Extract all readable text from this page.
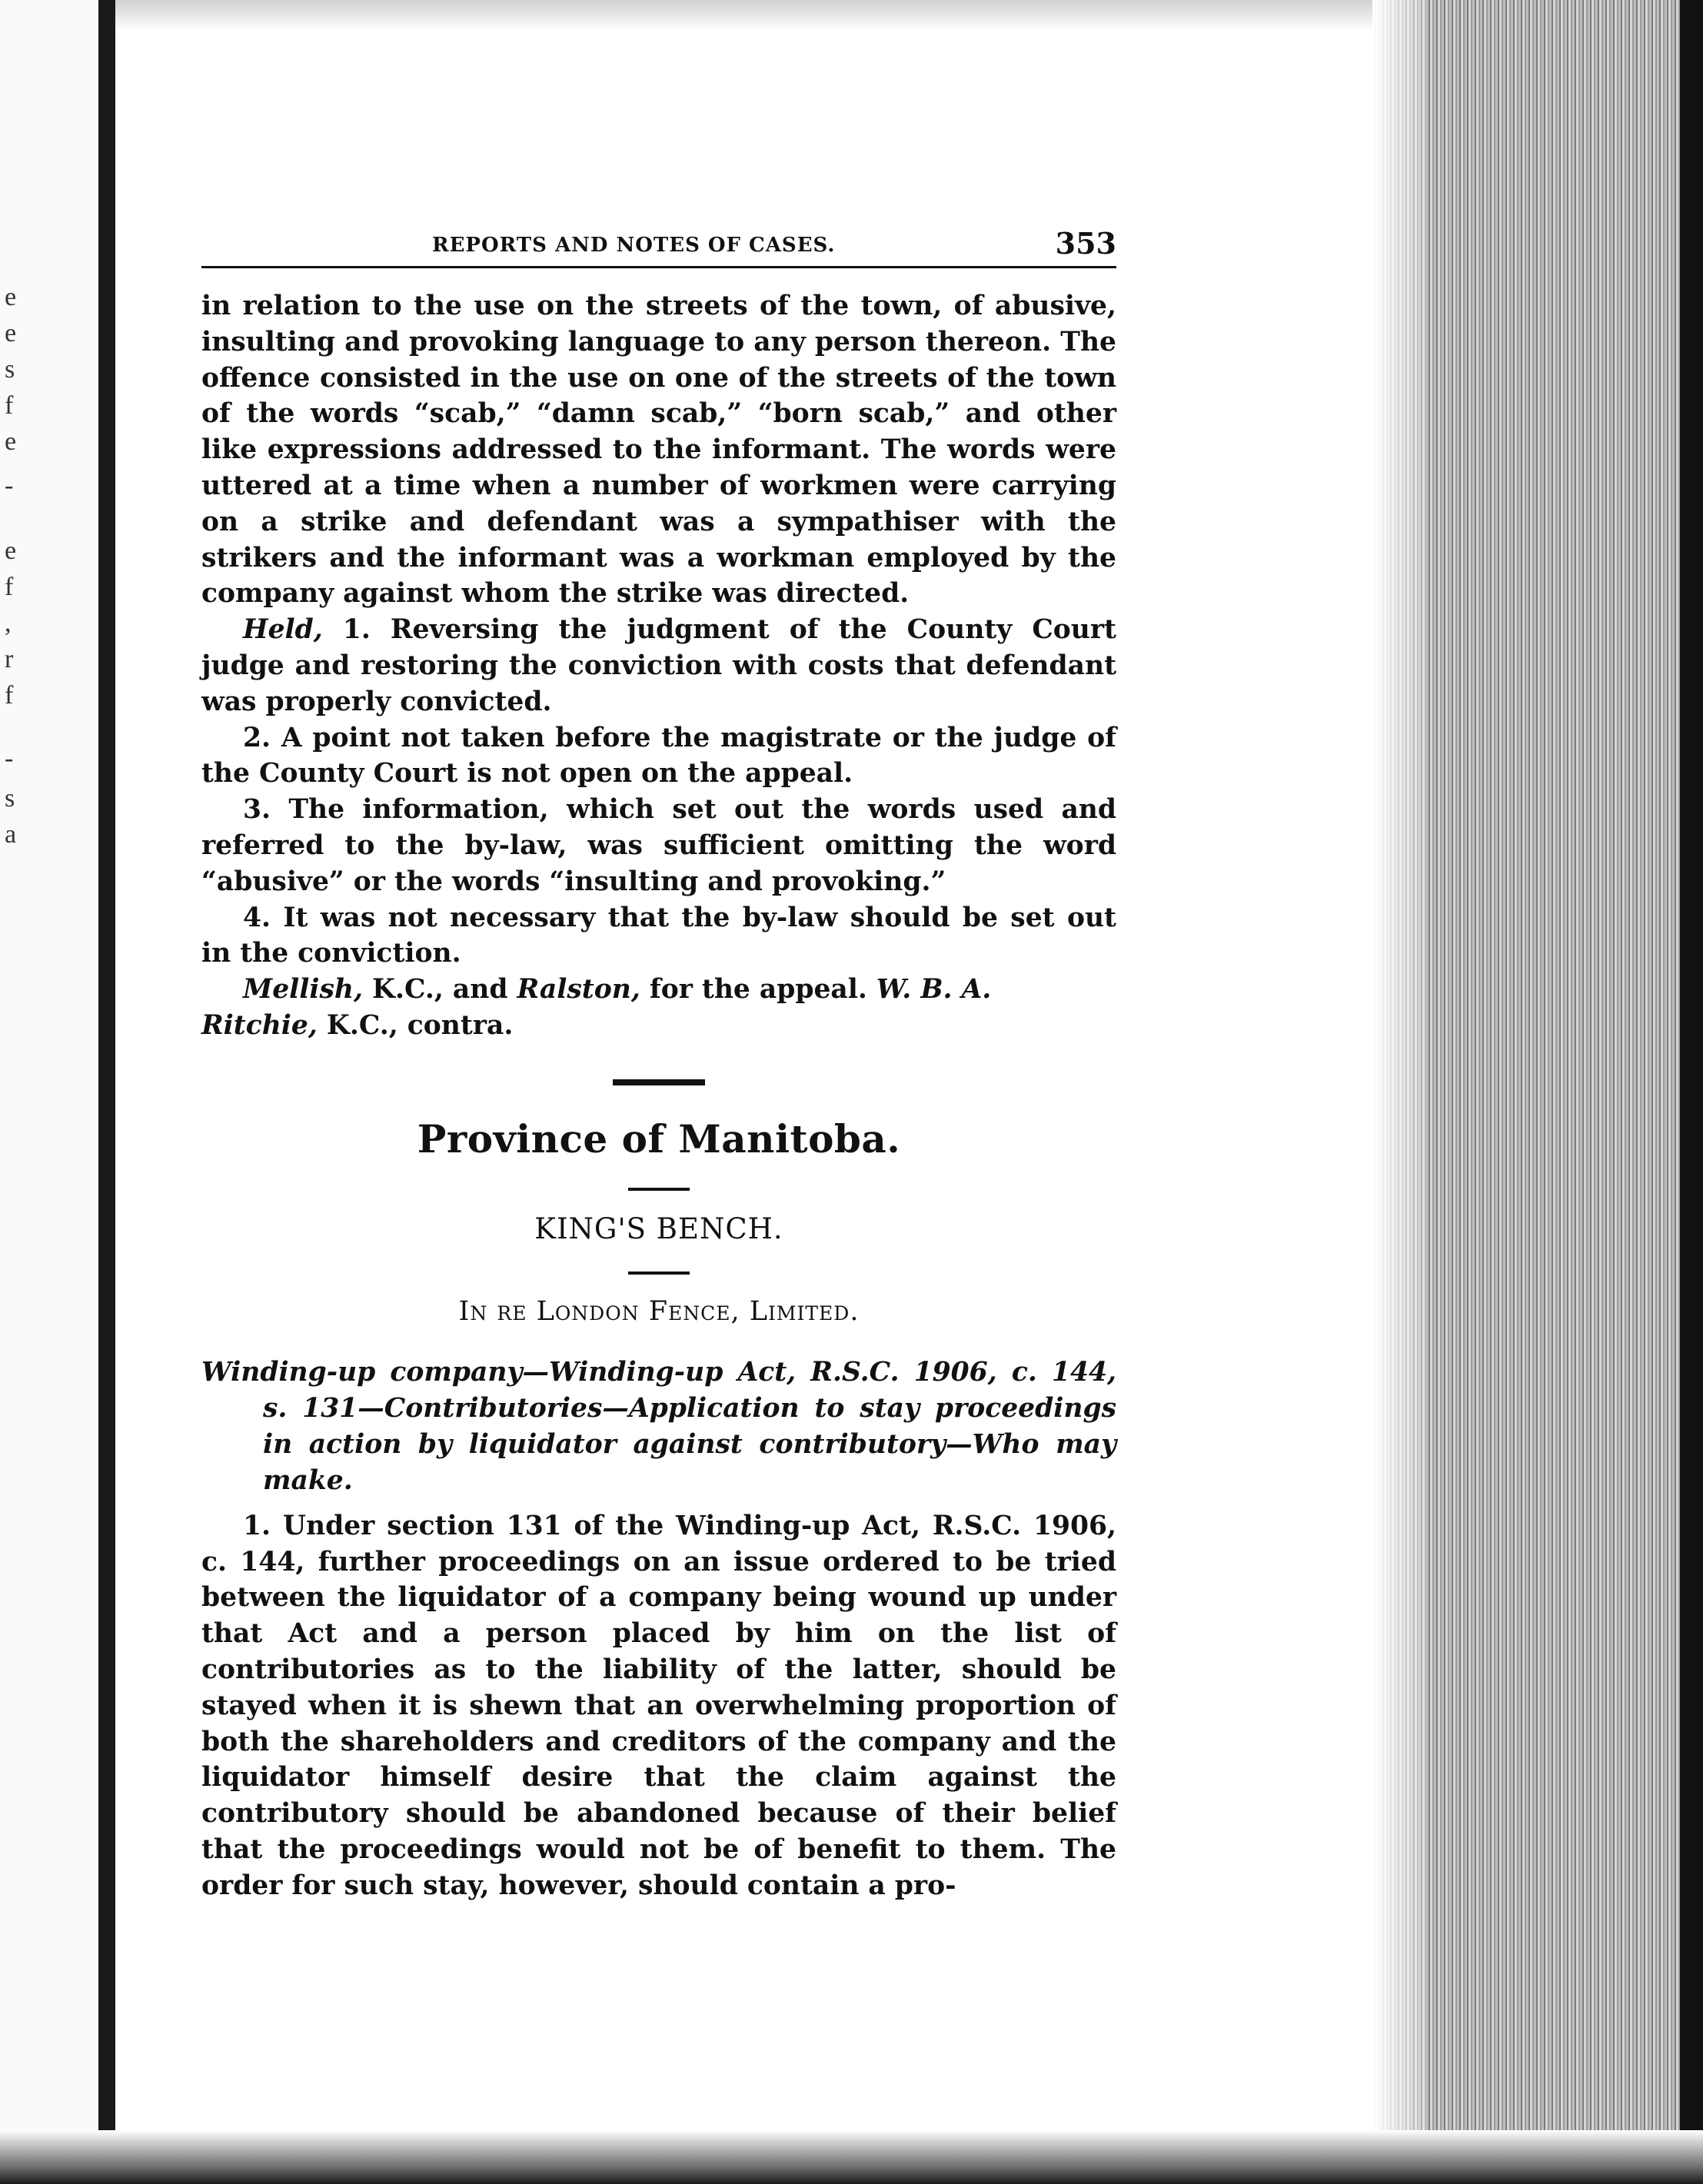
e
e
s
f
e
-
e
f
,
r
f
-
s
a
REPORTS AND NOTES OF CASES.	353

in relation to the use on the streets of the town, of abusive, insulting and provoking language to any person thereon. The offence consisted in the use on one of the streets of the town of the words “scab,” “damn scab,” “born scab,” and other like expressions addressed to the informant. The words were uttered at a time when a number of workmen were carrying on a strike and defendant was a sympathiser with the strikers and the informant was a workman employed by the company against whom the strike was directed.

Held, 1. Reversing the judgment of the County Court judge and restoring the conviction with costs that defendant was properly convicted.

2. A point not taken before the magistrate or the judge of the County Court is not open on the appeal.

3. The information, which set out the words used and referred to the by-law, was sufficient omitting the word “abusive” or the words “insulting and provoking.”

4. It was not necessary that the by-law should be set out in the conviction.

Mellish, K.C., and Ralston, for the appeal. W. B. A. Ritchie, K.C., contra.

Province of Manitoba.
KING'S BENCH.
In re London Fence, Limited.

Winding-up company—Winding-up Act, R.S.C. 1906, c. 144, s. 131—Contributories—Application to stay proceedings in action by liquidator against contributory—Who may make.

1. Under section 131 of the Winding-up Act, R.S.C. 1906, c. 144, further proceedings on an issue ordered to be tried between the liquidator of a company being wound up under that Act and a person placed by him on the list of contributories as to the liability of the latter, should be stayed when it is shewn that an overwhelming proportion of both the shareholders and creditors of the company and the liquidator himself desire that the claim against the contributory should be abandoned because of their belief that the proceedings would not be of benefit to them. The order for such stay, however, should contain a pro-
